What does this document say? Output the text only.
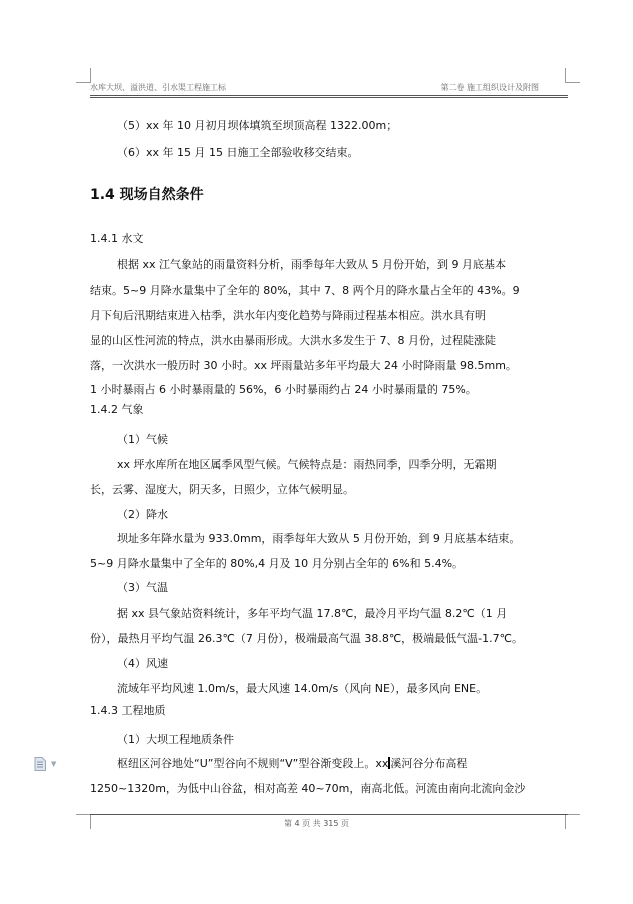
水库大坝、溢洪道、引水渠工程施工标	第二卷 施工组织设计及附图
（5）xx 年 10 月初月坝体填筑至坝顶高程 1322.00m；
（6）xx 年 15 月 15 日施工全部验收移交结束。
1.4 现场自然条件
1.4.1 水文
根据 xx 江气象站的雨量资料分析，雨季每年大致从 5 月份开始，到 9 月底基本
结束。5~9 月降水量集中了全年的 80%，其中 7、8 两个月的降水量占全年的 43%。9
月下旬后汛期结束进入枯季，洪水年内变化趋势与降雨过程基本相应。洪水具有明
显的山区性河流的特点，洪水由暴雨形成。大洪水多发生于 7、8 月份，过程陡涨陡
落，一次洪水一般历时 30 小时。xx 坪雨量站多年平均最大 24 小时降雨量 98.5mm。
1 小时暴雨占 6 小时暴雨量的 56%，6 小时暴雨约占 24 小时暴雨量的 75%。
1.4.2 气象
（1）气候
xx 坪水库所在地区属季风型气候。气候特点是：雨热同季，四季分明，无霜期
长，云雾、湿度大，阴天多，日照少，立体气候明显。
（2）降水
坝址多年降水量为 933.0mm，雨季每年大致从 5 月份开始，到 9 月底基本结束。
5~9 月降水量集中了全年的 80%,4 月及 10 月分别占全年的 6%和 5.4%。
（3）气温
据 xx 县气象站资料统计，多年平均气温 17.8℃，最冷月平均气温 8.2℃（1 月
份），最热月平均气温 26.3℃（7 月份），极端最高气温 38.8℃，极端最低气温-1.7℃。
（4）风速
流域年平均风速 1.0m/s，最大风速 14.0m/s（风向 NE），最多风向 ENE。
1.4.3 工程地质
（1）大坝工程地质条件
枢纽区河谷地处“U”型谷向不规则“V”型谷渐变段上。xx 溪河谷分布高程
1250~1320m，为低中山谷盆，相对高差 40~70m，南高北低。河流由南向北流向金沙
第 4 页 共 315 页
▼
